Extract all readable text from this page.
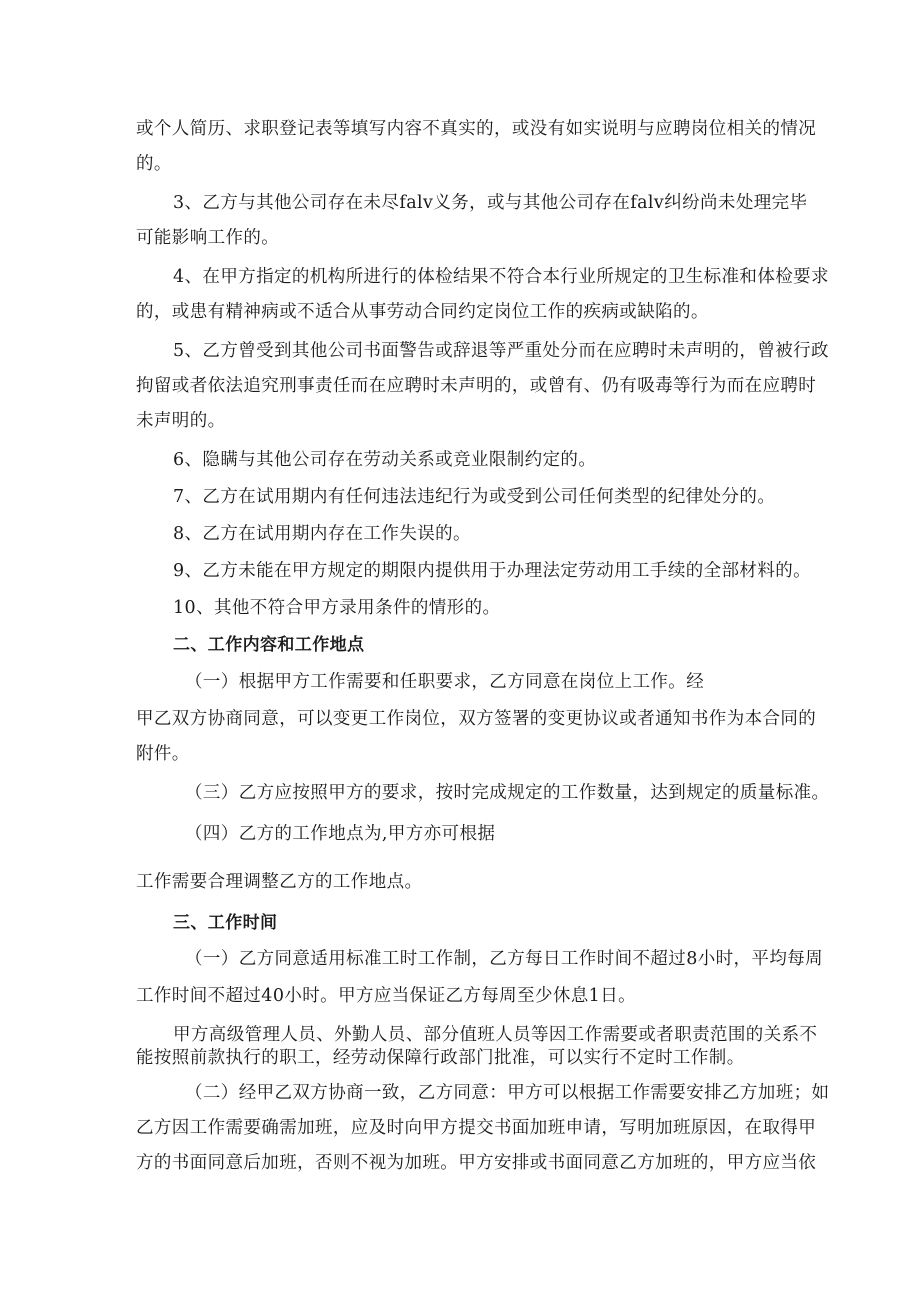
或个人简历、求职登记表等填写内容不真实的，或没有如实说明与应聘岗位相关的情况
的。
3、乙方与其他公司存在未尽falv义务，或与其他公司存在falv纠纷尚未处理完毕
可能影响工作的。
4、在甲方指定的机构所进行的体检结果不符合本行业所规定的卫生标准和体检要求
的，或患有精神病或不适合从事劳动合同约定岗位工作的疾病或缺陷的。
5、乙方曾受到其他公司书面警告或辞退等严重处分而在应聘时未声明的，曾被行政
拘留或者依法追究刑事责任而在应聘时未声明的，或曾有、仍有吸毒等行为而在应聘时
未声明的。
6、隐瞒与其他公司存在劳动关系或竞业限制约定的。
7、乙方在试用期内有任何违法违纪行为或受到公司任何类型的纪律处分的。
8、乙方在试用期内存在工作失误的。
9、乙方未能在甲方规定的期限内提供用于办理法定劳动用工手续的全部材料的。
10、其他不符合甲方录用条件的情形的。
二、工作内容和工作地点
（一）根据甲方工作需要和任职要求，乙方同意在岗位上工作。经
甲乙双方协商同意，可以变更工作岗位，双方签署的变更协议或者通知书作为本合同的
附件。
（三）乙方应按照甲方的要求，按时完成规定的工作数量，达到规定的质量标准。
（四）乙方的工作地点为,甲方亦可根据
工作需要合理调整乙方的工作地点。
三、工作时间
（一）乙方同意适用标准工时工作制，乙方每日工作时间不超过8小时，平均每周
工作时间不超过40小时。甲方应当保证乙方每周至少休息1日。
甲方高级管理人员、外勤人员、部分值班人员等因工作需要或者职责范围的关系不
能按照前款执行的职工，经劳动保障行政部门批准，可以实行不定时工作制。
（二）经甲乙双方协商一致，乙方同意：甲方可以根据工作需要安排乙方加班；如
乙方因工作需要确需加班，应及时向甲方提交书面加班申请，写明加班原因，在取得甲
方的书面同意后加班，否则不视为加班。甲方安排或书面同意乙方加班的，甲方应当依
